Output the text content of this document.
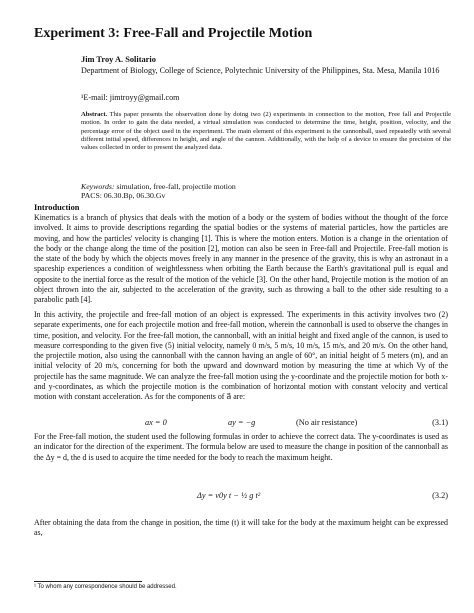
Experiment 3: Free-Fall and Projectile Motion
Jim Troy A. Solitario
Department of Biology, College of Science, Polytechnic University of the Philippines, Sta. Mesa, Manila 1016
¹E-mail: jimtroyy@gmail.com
Abstract. This paper presents the observation done by doing two (2) experiments in connection to the motion, Free fall and Projectile motion. In order to gain the data needed, a virtual simulation was conducted to determine the time, height, position, velocity, and the percentage error of the object used in the experiment. The main element of this experiment is the cannonball, used repeatedly with several different initial speed, differences in height, and angle of the cannon. Additionally, with the help of a device to ensure the precision of the values collected in order to present the analyzed data.
Keywords: simulation, free-fall, projectile motion
PACS: 06.30.Bp, 06.30.Gv
Introduction

Kinematics is a branch of physics that deals with the motion of a body or the system of bodies without the thought of the force involved. It aims to provide descriptions regarding the spatial bodies or the systems of material particles, how the particles are moving, and how the particles' velocity is changing [1]. This is where the motion enters. Motion is a change in the orientation of the body or the change along the time of the position [2], motion can also be seen in Free-fall and Projectile. Free-fall motion is the state of the body by which the objects moves freely in any manner in the presence of the gravity, this is why an astronaut in a spaceship experiences a condition of weightlessness when orbiting the Earth because the Earth's gravitational pull is equal and opposite to the inertial force as the result of the motion of the vehicle [3]. On the other hand, Projectile motion is the motion of an object thrown into the air, subjected to the acceleration of the gravity, such as throwing a ball to the other side resulting to a parabolic path [4].

In this activity, the projectile and free-fall motion of an object is expressed. The experiments in this activity involves two (2) separate experiments, one for each projectile motion and free-fall motion, wherein the cannonball is used to observe the changes in time, position, and velocity. For the free-fall motion, the cannonball, with an initial height and fixed angle of the cannon, is used to measure corresponding to the given five (5) initial velocity, namely 0 m/s, 5 m/s, 10 m/s, 15 m/s, and 20 m/s. On the other hand, the projectile motion, also using the cannonball with the cannon having an angle of 60°, an initial height of 5 meters (m), and an initial velocity of 20 m/s, concerning for both the upward and downward motion by measuring the time at which Vy of the projectile has the same magnitude. We can analyze the free-fall motion using the y-coordinate and the projectile motion for both x- and y-coordinates, as which the projectile motion is the combination of horizontal motion with constant velocity and vertical motion with constant acceleration. As for the components of a⃗ are:

ax = 0	ay = −g	(No air resistance)	(3.1)

For the Free-fall motion, the student used the following formulas in order to achieve the correct data. The y-coordinates is used as an indicator for the direction of the experiment. The formula below are used to measure the change in position of the cannonball as the Δy = d, the d is used to acquire the time needed for the body to reach the maximum height.

Δy = v0y t − ½ g t²	(3.2)

After obtaining the data from the change in position, the time (t) it will take for the body at the maximum height can be expressed as,

¹ To whom any correspondence should be addressed.
